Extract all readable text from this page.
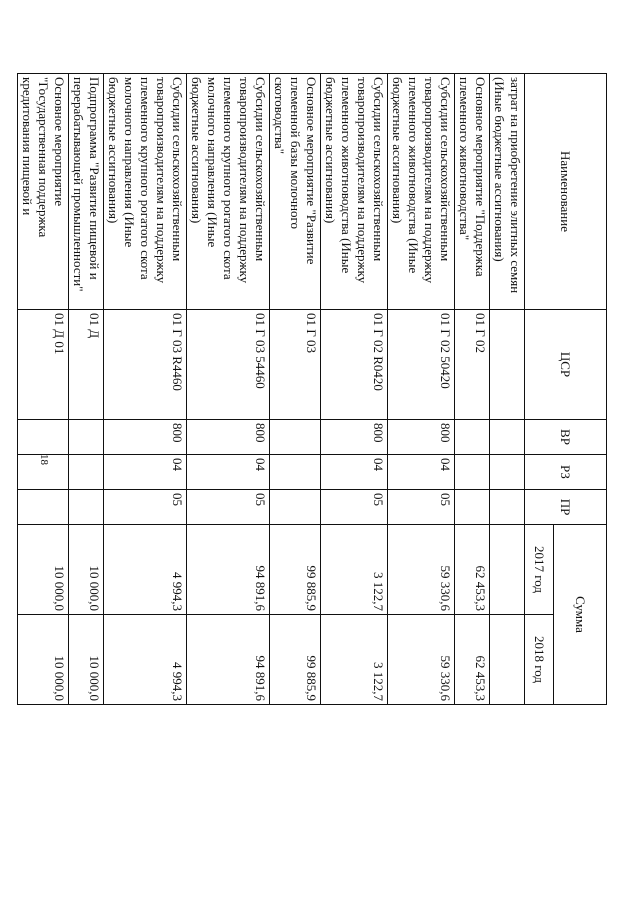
18
Наименование	ЦСР	ВР	РЗ	ПР	Сумма		
					2017 год	2018 год	
затрат на приобретение элитных семян (Иные бюджетные ассигнования)							
Основное мероприятие "Поддержка племенного животноводства"	01 Г 02				62 453,3	62 453,3	
Субсидии сельскохозяйственным товаропроизводителям на поддержку племенного животноводства (Иные бюджетные ассигнования)	01 Г 02 50420	800	04	05	59 330,6	59 330,6	
Субсидии сельскохозяйственным товаропроизводителям на поддержку племенного животноводства (Иные бюджетные ассигнования)	01 Г 02 R0420	800	04	05	3 122,7	3 122,7	
Основное мероприятие "Развитие племенной базы молочного скотоводства"	01 Г 03				99 885,9	99 885,9	
Субсидии сельскохозяйственным товаропроизводителям на поддержку племенного крупного рогатого скота молочного направления (Иные бюджетные ассигнования)	01 Г 03 54460	800	04	05	94 891,6	94 891,6	
Субсидии сельскохозяйственным товаропроизводителям на поддержку племенного крупного рогатого скота молочного направления (Иные бюджетные ассигнования)	01 Г 03 R4460	800	04	05	4 994,3	4 994,3	
Подпрограмма "Развитие пищевой и перерабатывающей промышленности"	01 Д				10 000,0	10 000,0	
Основное мероприятие "Государственная поддержка кредитования пищевой и	01 Д 01				10 000,0	10 000,0	
